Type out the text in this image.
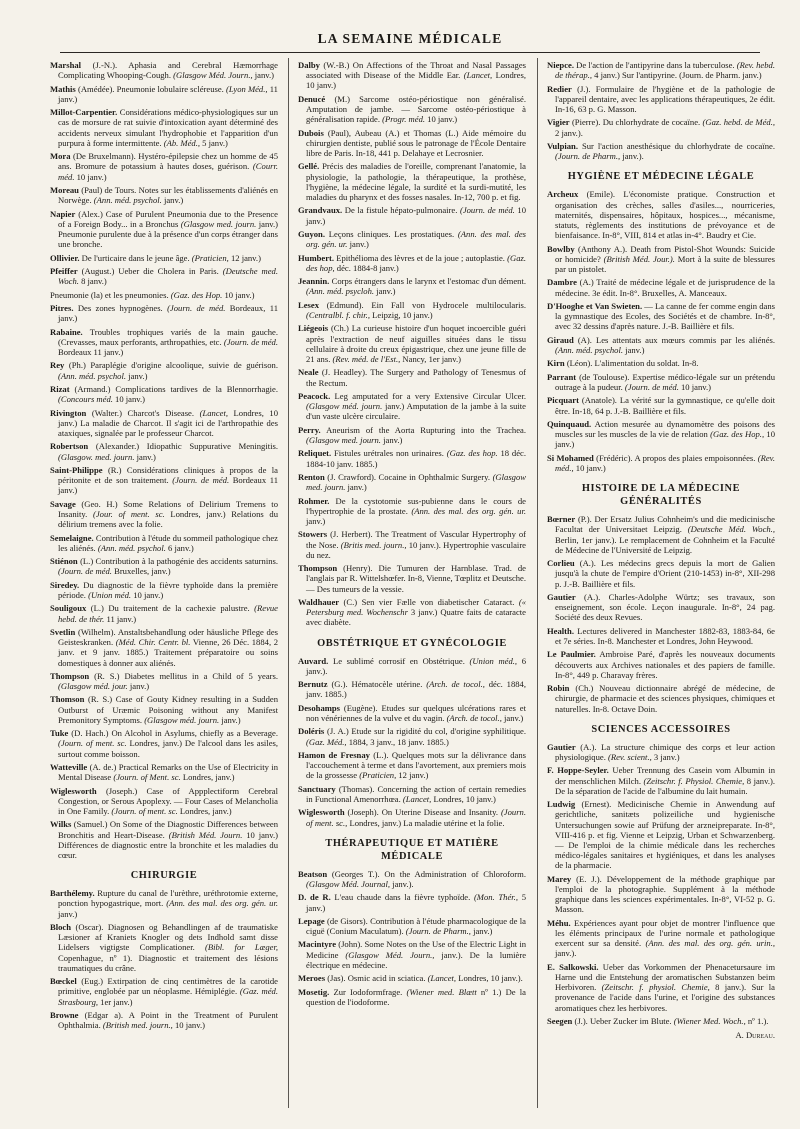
LA SEMAINE MÉDICALE
Marshal (J.-N.). Aphasia and Cerebral Hæmorrhage Complicating Whooping-Cough. (Glasgow Méd. Journ., janv.)
Mathis (Amédée). Pneumonie lobulaire scléreuse. (Lyon Méd., 11 janv.)
Millot-Carpentier. Considérations médico-physiologiques sur un cas de morsure de rat suivie d'intoxication ayant déterminé des accidents nerveux simulant l'hydrophobie et l'apparition d'un purpura à forme intermittente. (Ab. Méd., 5 janv.)
Mora (De Bruxelmann). Hystéro-épilepsie chez un homme de 45 ans. Bromure de potassium à hautes doses, guérison. (Courr. méd. 10 janv.)
Moreau (Paul) de Tours. Notes sur les établissements d'aliénés en Norwège. (Ann. méd. psychol. janv.)
Napier (Alex.) Case of Purulent Pneumonia due to the Presence of a Foreign Body... in a Bronchus (Glasgow med. journ. janv.) Pneumonie purulente due à la présence d'un corps étranger dans une bronche.
Ollivier. De l'urticaire dans le jeune âge. (Praticien, 12 janv.)
Pfeiffer (August.) Ueber die Cholera in Paris. (Deutsche med. Woch. 8 janv.)
Pneumonie (la) et les pneumonies. (Gaz. des Hop. 10 janv.)
Pitres. Des zones hypnogènes. (Journ. de méd. Bordeaux, 11 janv.)
Rabaine. Troubles trophiques variés de la main gauche. (Crevasses, maux perforants, arthropathies, etc. (Journ. de méd. Bordeaux 11 janv.)
Rey (Ph.) Paraplégie d'origine alcoolique, suivie de guérison. (Ann. méd. psychol. janv.)
Rizat (Armand.) Complications tardives de la Blennorrhagie. (Concours méd. 10 janv.)
Rivington (Walter.) Charcot's Disease. (Lancet, Londres, 10 janv.) La maladie de Charcot. Il s'agit ici de l'arthropathie des ataxiques, signalée par le professeur Charcot.
Robertson (Alexander.) Idiopathic Suppurative Meningitis. (Glasgow. med. journ. janv.)
Saint-Philippe (R.) Considérations cliniques à propos de la péritonite et de son traitement. (Journ. de méd. Bordeaux 11 janv.)
Savage (Geo. H.) Some Relations of Delirium Tremens to Insanity. (Jour. of ment. sc. Londres, janv.) Relations du délirium tremens avec la folie.
Semelaigne. Contribution à l'étude du sommeil pathologique chez les aliénés. (Ann. méd. psychol. 6 janv.)
Stiénon (L.) Contribution à la pathogénie des accidents saturnins. (Journ. de méd. Bruxelles, janv.)
Siredey. Du diagnostic de la fièvre typhoïde dans la première période. (Union méd. 10 janv.)
Souligoux (L.) Du traitement de la cachexie palustre. (Revue hebd. de thér. 11 janv.)
Svetlin (Wilhelm). Anstaltsbehandlung oder häusliche Pflege des Geisteskranken. (Méd. Chir. Centr. bl. Vienne, 26 Déc. 1884, 2 janv. et 9 janv. 1885.) Traitement préparatoire ou soins domestiques à donner aux aliénés.
Thompson (R. S.) Diabetes mellitus in a Child of 5 years. (Glasgow méd. jour. janv.)
Thomson (R. S.) Case of Gouty Kidney resulting in a Sudden Outburst of Uræmic Poisoning without any Manifest Premonitory Symptoms. (Glasgow méd. journ. janv.)
Tuke (D. Hach.) On Alcohol in Asylums, chiefly as a Beverage. (Journ. of ment. sc. Londres, janv.) De l'alcool dans les asiles, surtout comme boisson.
Watteville (A. de.) Practical Remarks on the Use of Electricity in Mental Disease (Journ. of Ment. sc. Londres, janv.)
Wiglesworth (Joseph.) Case of Appplectiform Cerebral Congestion, or Serous Apoplexy. — Four Cases of Melancholia in One Family. (Journ. of ment. sc. Londres, janv.)
Wilks (Samuel.) On Some of the Diagnostic Differences between Bronchitis and Heart-Disease. (British Méd. Journ. 10 janv.) Différences de diagnostic entre la bronchite et les maladies du cœur.
CHIRURGIE
Barthélemy. Rupture du canal de l'urèthre, uréthrotomie externe, ponction hypogastrique, mort. (Ann. des mal. des org. gén. ur. janv.)
Bloch (Oscar). Diagnosen og Behandlingen af de traumatiske Læsioner af Kraniets Knogler og dets Indhold samt disse Lidelsers vigtigste Complicationer. (Bibl. for Læger, Copenhague, nº 1). Diagnostic et traitement des lésions traumatiques du crâne.
Bœckel (Eug.) Extirpation de cinq centimètres de la carotide primitive, englobée par un néoplasme. Hémiplégie. (Gaz. méd. Strasbourg, 1er janv.)
Browne (Edgar a). A Point in the Treatment of Purulent Ophthalmia. (British med. journ., 10 janv.)
Dalby (W.-B.) On Affections of the Throat and Nasal Passages associated with Disease of the Middle Ear. (Lancet, Londres, 10 janv.)
Denucé (M.) Sarcome ostéo-périostique non généralisé. Amputation de jambe. — Sarcome ostéo-périostique à généralisation rapide. (Progr. méd. 10 janv.)
Dubois (Paul), Aubeau (A.) et Thomas (L.) Aide mémoire du chirurgien dentiste, publié sous le patronage de l'École Dentaire libre de Paris. In-18, 441 p. Delahaye et Lecrosnier.
Gellé. Précis des maladies de l'oreille, comprenant l'anatomie, la physiologie, la pathologie, la thérapeutique, la prothèse, l'hygiène, la médecine légale, la surdité et la surdi-mutité, les maladies du pharynx et des fosses nasales. In-12, 700 p. et fig.
Grandvaux. De la fistule hépato-pulmonaire. (Journ. de méd. 10 janv.)
Guyon. Leçons cliniques. Les prostatiques. (Ann. des mal. des org. gén. ur. janv.)
Humbert. Epithélioma des lèvres et de la joue ; autoplastie. (Gaz. des hop, déc. 1884-8 janv.)
Jeannin. Corps étrangers dans le larynx et l'estomac d'un dément. (Ann. méd. psycloh. janv.)
Lesex (Edmund). Ein Fall von Hydrocele multilocularis. (Centralbl. f. chir., Leipzig, 10 janv.)
Liégeois (Ch.) La curieuse histoire d'un hoquet incoercible guéri après l'extraction de neuf aiguilles situées dans le tissu cellulaire à droite du creux épigastrique, chez une jeune fille de 21 ans. (Rev. méd. de l'Est., Nancy, 1er janv.)
Neale (J. Headley). The Surgery and Pathology of Tenesmus of the Rectum.
Peacock. Leg amputated for a very Extensive Circular Ulcer. (Glasgow méd. journ. janv.) Amputation de la jambe à la suite d'un vaste ulcère circulaire.
Perry. Aneurism of the Aorta Rupturing into the Trachea. (Glasgow med. journ. janv.)
Reliquet. Fistules urétrales non urinaires. (Gaz. des hop. 18 déc. 1884-10 janv. 1885.)
Renton (J. Crawford). Cocaine in Ophthalmic Surgery. (Glasgow med. journ. janv.)
Rohmer. De la cystotomie sus-pubienne dans le cours de l'hypertrophie de la prostate. (Ann. des mal. des org. gén. ur. janv.)
Stowers (J. Herbert). The Treatment of Vascular Hypertrophy of the Nose. (Britis med. journ., 10 janv.). Hypertrophie vasculaire du nez.
Thompson (Henry). Die Tumuren der Harnblase. Trad. de l'anglais par R. Wittelshœfer. In-8, Vienne, Tœplitz et Deutsche. — Des tumeurs de la vessie.
Waldhauer (C.) Sen vier Fælle von diabetischer Cataract. (« Petersburg med. Wochenschr 3 janv.) Quatre faits de cataracte avec diabète.
OBSTÉTRIQUE ET GYNÉCOLOGIE
Auvard. Le sublimé corrosif en Obstétrique. (Union méd., 6 janv.).
Bernutz (G.). Hématocèle utérine. (Arch. de tocol., déc. 1884, janv. 1885.)
Desohamps (Eugène). Etudes sur quelques ulcérations rares et non vénériennes de la vulve et du vagin. (Arch. de tocol., janv.)
Doléris (J. A.) Etude sur la rigidité du col, d'origine syphilitique. (Gaz. Méd., 1884, 3 janv., 18 janv. 1885.)
Hamon de Fresnay (L.). Quelques mots sur la délivrance dans l'accouchement à terme et dans l'avortement, aux premiers mois de la grossesse (Praticien, 12 janv.)
Sanctuary (Thomas). Concerning the action of certain remedies in Functional Amenorrhœa. (Lancet, Londres, 10 janv.)
Wiglesworth (Joseph). On Uterine Disease and Insanity. (Journ. of ment. sc., Londres, janv.) La maladie utérine et la folie.
THÉRAPEUTIQUE ET MATIÈRE MÉDICALE
Beatson (Georges T.). On the Administration of Chloroform. (Glasgow Méd. Journal, janv.).
D. de R. L'eau chaude dans la fièvre typhoïde. (Mon. Thér., 5 janv.)
Lepage (de Gisors). Contribution à l'étude pharmacologique de la ciguë (Conium Maculatum). (Journ. de Pharm., janv.)
Macintyre (John). Some Notes on the Use of the Electric Light in Medicine (Glasgow Méd. Journ., janv.). De la lumière électrique en médecine.
Meroes (Jas). Osmic acid in sciatica. (Lancet, Londres, 10 janv.).
Mosetig. Zur Iodoformfrage. (Wiener med. Blætt nº 1.) De la question de l'iodoforme.
Niepce. De l'action de l'antipyrine dans la tuberculose. (Rev. hebd. de thérap., 4 janv.) Sur l'antipyrine. (Journ. de Pharm. janv.)
Redier (J.). Formulaire de l'hygiène et de la pathologie de l'appareil dentaire, avec les applications thérapeutiques, 2e édit. In-16, 63 p. G. Masson.
Vigier (Pierre). Du chlorhydrate de cocaïne. (Gaz. hebd. de Méd., 2 janv.).
Vulpian. Sur l'action anesthésique du chlorhydrate de cocaïne. (Journ. de Pharm., janv.).
HYGIÈNE ET MÉDECINE LÉGALE
Archeux (Emile). L'économiste pratique. Construction et organisation des crèches, salles d'asiles..., nourriceries, maternités, dispensaires, hôpitaux, hospices..., mécanisme, statuts, règlements des institutions de prévoyance et de bienfaisance. In-8°, VIII, 814 et atlas in-4°. Baudry et Cie.
Bowlby (Anthony A.). Death from Pistol-Shot Wounds: Suicide or homicide? (British Méd. Jour.). Mort à la suite de blessures par un pistolet.
Dambre (A.) Traité de médecine légale et de jurisprudence de la médecine. 3e édit. In-8°. Bruxelles, A. Manceaux.
D'Hooghe et Van Swieten. — La canne de fer comme engin dans la gymnastique des Ecoles, des Sociétés et de chambre. In-8°, avec 32 dessins d'après nature. J.-B. Baillière et fils.
Giraud (A). Les attentats aux mœurs commis par les aliénés. (Ann. méd. psychol. janv.)
Kirn (Léon). L'alimentation du soldat. In-8.
Parrant (de Toulouse). Expertise médico-légale sur un prétendu outrage à la pudeur. (Journ. de méd. 10 janv.)
Picquart (Anatole). La vérité sur la gymnastique, ce qu'elle doit être. In-18, 64 p. J.-B. Baillière et fils.
Quinquaud. Action mesurée au dynamomètre des poisons des muscles sur les muscles de la vie de relation (Gaz. des Hop., 10 janv.)
Si Mohamed (Frédéric). A propos des plaies empoisonnées. (Rev. méd., 10 janv.)
HISTOIRE DE LA MÉDECINE GÉNÉRALITÉS
Bœrner (P.). Der Ersatz Julius Cohnheim's und die medicinische Facultat der Universitaet Leipzig. (Deutsche Méd. Woch., Berlin, 1er janv.). Le remplacement de Cohnheim et la Faculté de Médecine de l'Université de Leipzig.
Corlieu (A.). Les médecins grecs depuis la mort de Galien jusqu'à la chute de l'empire d'Orient (210-1453) in-8°, XII-298 p. J.-B. Baillière et fils.
Gautier (A.). Charles-Adolphe Würtz; ses travaux, son enseignement, son école. Leçon inaugurale. In-8°, 24 pag. Société des deux Revues.
Health. Lectures delivered in Manchester 1882-83, 1883-84, 6e et 7e séries. In-8. Manchester et Londres, John Heywood.
Le Paulmier. Ambroise Paré, d'après les nouveaux documents découverts aux Archives nationales et des papiers de famille. In-8°, 449 p. Charavay frères.
Robin (Ch.) Nouveau dictionnaire abrégé de médecine, de chirurgie, de pharmacie et des sciences physiques, chimiques et naturelles. In-8. Octave Doin.
SCIENCES ACCESSOIRES
Gautier (A.). La structure chimique des corps et leur action physiologique. (Rev. scient., 3 janv.)
F. Hoppe-Seyler. Ueber Trennung des Casein vom Albumin in der menschlichen Milch. (Zeitschr. f. Physiol. Chemie, 8 janv.). De la séparation de l'acide de l'albumine du lait humain.
Ludwig (Ernest). Medicinische Chemie in Anwendung auf gerichtliche, sanitæts polizeiliche und hygienische Untersuchungen sowie auf Prüfung der arzneipreparate. In-8°, VIII-416 p. et fig. Vienne et Leipzig, Urban et Schwarzenberg. — De l'emploi de la chimie médicale dans les recherches médico-légales sanitaires et hygiéniques, et dans les analyses de la pharmacie.
Marey (E. J.). Développement de la méthode graphique par l'emploi de la photographie. Supplément à la méthode graphique dans les sciences expérimentales. In-8°, VI-52 p. G. Masson.
Méhu. Expériences ayant pour objet de montrer l'influence que les éléments principaux de l'urine normale et pathologique exercent sur sa densité. (Ann. des mal. des org. gén. urin., janv.).
E. Salkowski. Ueber das Vorkommen der Phenacetursaure im Harne und die Entstehung der aromatischen Substanzen beim Herbivoren. (Zeitschr. f. physiol. Chemie, 8 janv.). Sur la provenance de l'acide dans l'urine, et l'origine des substances aromatiques chez les herbivores.
Seegen (J.). Ueber Zucker im Blute. (Wiener Med. Woch., nº 1.).
A. Dureau.
